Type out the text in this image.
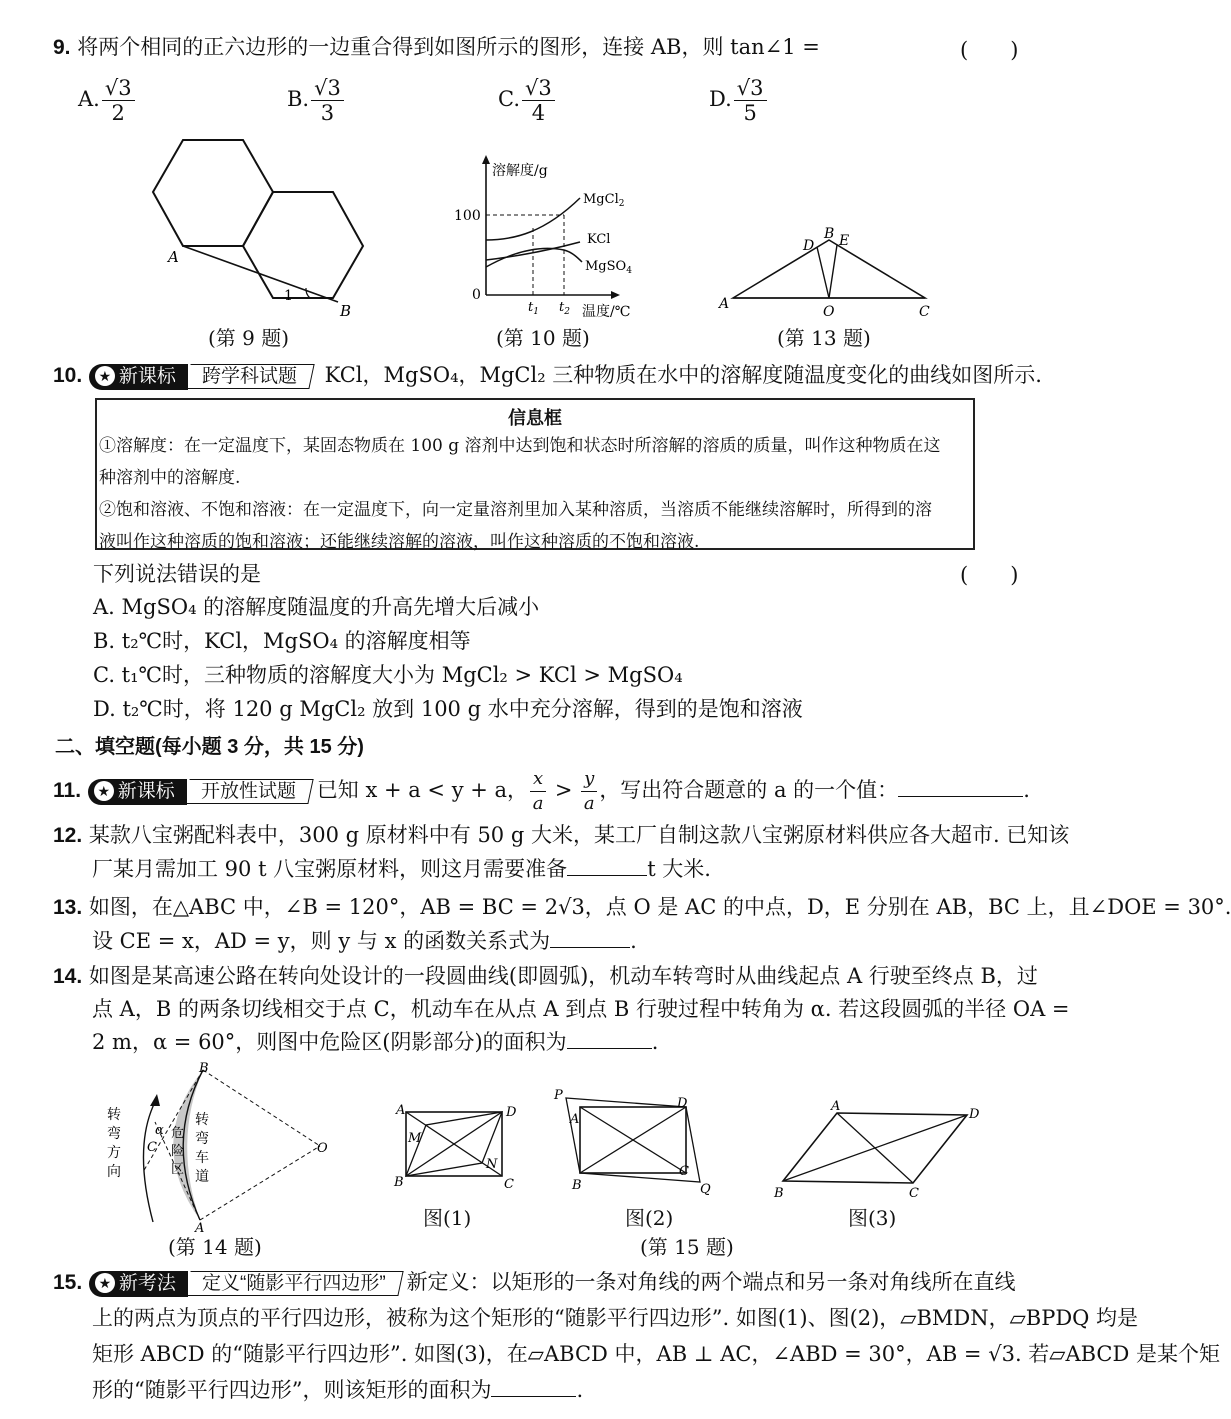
9. 将两个相同的正六边形的一边重合得到如图所示的图形，连接 AB，则 tan∠1 =	(　　)
A. $\frac{√3}{2}$	B. $\frac{√3}{3}$	C. $\frac{√3}{4}$	D. $\frac{√3}{5}$
A
B
1
(第 9 题)
溶解度/g
100
0
$t_1$ $t_2$ 温度/℃
MgCl$_2$
KCl
MgSO$_4$
(第 10 题)
A
B
C
D E
O
(第 13 题)
10. ★ 新课标 跨学科试题 KCl，MgSO₄，MgCl₂ 三种物质在水中的溶解度随温度变化的曲线如图所示.
信息框
①溶解度：在一定温度下，某固态物质在 100 g 溶剂中达到饱和状态时所溶解的溶质的质量，叫作这种物质在这
种溶剂中的溶解度.
②饱和溶液、不饱和溶液：在一定温度下，向一定量溶剂里加入某种溶质，当溶质不能继续溶解时，所得到的溶
液叫作这种溶质的饱和溶液；还能继续溶解的溶液，叫作这种溶质的不饱和溶液.
下列说法错误的是	(　　)
A. MgSO₄ 的溶解度随温度的升高先增大后减小
B. t₂℃时，KCl，MgSO₄ 的溶解度相等
C. t₁℃时，三种物质的溶解度大小为 MgCl₂ > KCl > MgSO₄
D. t₂℃时，将 120 g MgCl₂ 放到 100 g 水中充分溶解，得到的是饱和溶液
二、填空题(每小题 3 分，共 15 分)
11. ★ 新课标 开放性试题 已知 x + a < y + a， $\frac{x}{a} > \frac{y}{a}$ ，写出符合题意的 a 的一个值：	.
12. 某款八宝粥配料表中，300 g 原材料中有 50 g 大米，某工厂自制这款八宝粥原材料供应各大超市. 已知该
厂某月需加工 90 t 八宝粥原材料，则这月需要准备	t 大米.
13. 如图，在△ABC 中，∠B = 120°，AB = BC = 2√3，点 O 是 AC 的中点，D，E 分别在 AB，BC 上，且∠DOE = 30°.
设 CE = x，AD = y，则 y 与 x 的函数关系式为	.
14. 如图是某高速公路在转向处设计的一段圆曲线(即圆弧)，机动车转弯时从曲线起点 A 行驶至终点 B，过
点 A，B 的两条切线相交于点 C，机动车在从点 A 到点 B 行驶过程中转角为 α. 若这段圆弧的半径 OA =
2 m，α = 60°，则图中危险区(阴影部分)的面积为	.
B
A
C	O
α
转
弯
方
向
转
弯
车
道
危
险
区
(第 14 题)
A
B	C
D
M
N
图(1)
P
A
B
C
D
Q
图(2)
A
B	C
D
图(3)
(第 15 题)
15. ★ 新考法 定义“随影平行四边形” 新定义：以矩形的一条对角线的两个端点和另一条对角线所在直线
上的两点为顶点的平行四边形，被称为这个矩形的“随影平行四边形”. 如图(1)、图(2)，▱BMDN，▱BPDQ 均是
矩形 ABCD 的“随影平行四边形”. 如图(3)，在▱ABCD 中，AB ⊥ AC，∠ABD = 30°，AB = √3. 若▱ABCD 是某个矩
形的“随影平行四边形”，则该矩形的面积为	.
